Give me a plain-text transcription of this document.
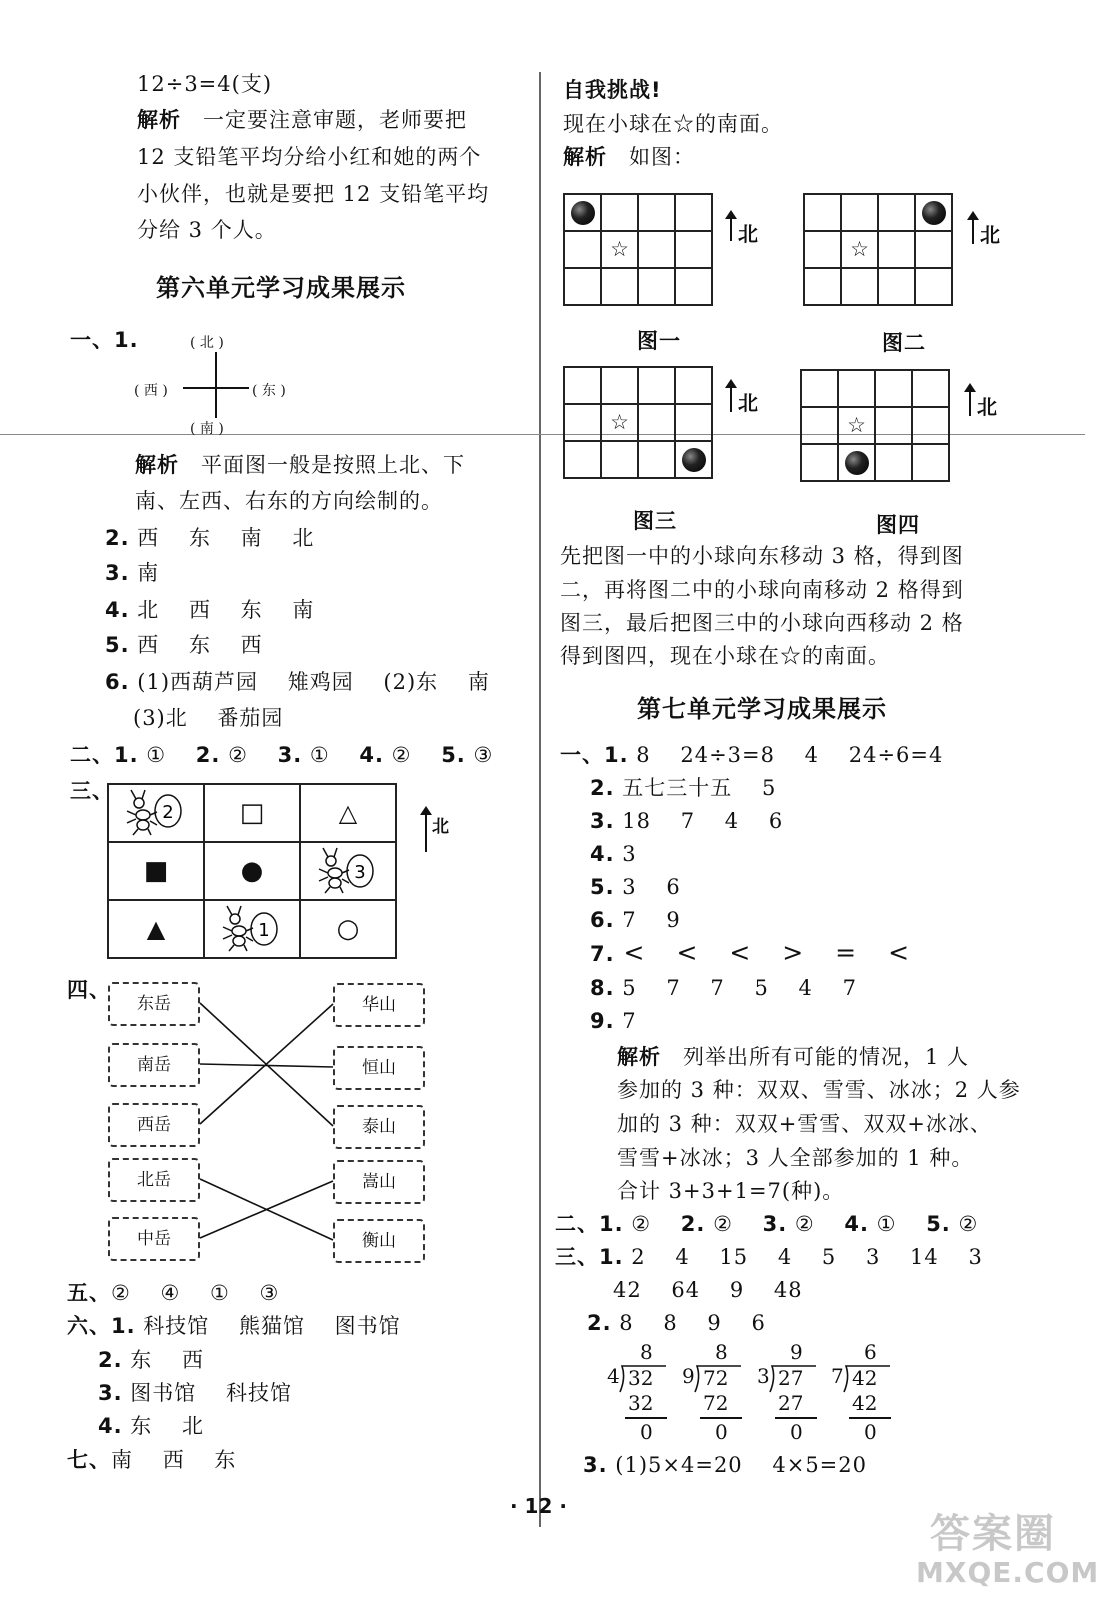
12÷3=4(支)
解析 一定要注意审题，老师要把
12 支铅笔平均分给小红和她的两个
小伙伴，也就是要把 12 支铅笔平均
分给 3 个人。
第六单元学习成果展示
一、1.	( 北 )
( 南 )
( 西 )	( 东 )
解析 平面图一般是按照上北、下
南、左西、右东的方向绘制的。
2. 西 东 南 北
3. 南
4. 北 西 东 南
5. 西 东 西
6. (1)西葫芦园 雉鸡园 (2)东 南
(3)北 番茄园
二、1. ① 2. ② 3. ① 4. ② 5. ③
三、
2	□	△
■	●	3

▲	1	○
北
四、
东岳
南岳
西岳
北岳
中岳
华山
恒山
泰山
嵩山
衡山
五、② ④ ① ③
六、1. 科技馆 熊猫馆 图书馆
2. 东 西
3. 图书馆 科技馆
4. 东 北
七、南 西 东
自我挑战!
现在小球在☆的南面。
解析 如图：

	☆		

北
图一

	☆		

北
图二

	☆		

北
图三

	☆		

北
图四
先把图一中的小球向东移动 3 格，得到图
二，再将图二中的小球向南移动 2 格得到
图三，最后把图三中的小球向西移动 2 格
得到图四，现在小球在☆的南面。
第七单元学习成果展示
一、1. 8 24÷3=8 4 24÷6=4
2. 五七三十五 5
3. 18 7 4 6
4. 3
5. 3 6
6. 7 9
7. < < < > = <
8. 5 7 7 5 4 7
9. 7
解析 列举出所有可能的情况，1 人
参加的 3 种：双双、雪雪、冰冰；2 人参
加的 3 种：双双+雪雪、双双+冰冰、
雪雪+冰冰；3 人全部参加的 1 种。
合计 3+3+1=7(种)。
二、1. ② 2. ② 3. ② 4. ① 5. ②
三、1. 2 4 15 4 5 3 14 3
42 64 9 48
2. 8 8 9 6
8
4 32
32
0
8
9 72
72
0
9
3 27
27
0
6
7 42
42
0
3. (1)5×4=20 4×5=20
· 12 ·
答案圈
MXQE.COM
